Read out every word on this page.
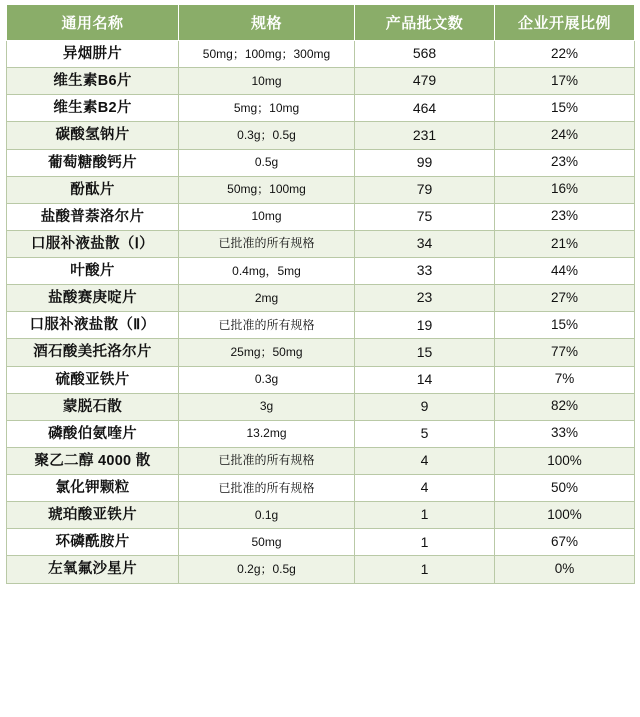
通用名称	规格	产品批文数	企业开展比例
异烟肼片	50mg；100mg；300mg	568	22%
维生素B6片	10mg	479	17%
维生素B2片	5mg；10mg	464	15%
碳酸氢钠片	0.3g；0.5g	231	24%
葡萄糖酸钙片	0.5g	99	23%
酚酞片	50mg；100mg	79	16%
盐酸普萘洛尔片	10mg	75	23%
口服补液盐散（Ⅰ）	已批准的所有规格	34	21%
叶酸片	0.4mg，5mg	33	44%
盐酸赛庚啶片	2mg	23	27%
口服补液盐散（Ⅱ）	已批准的所有规格	19	15%
酒石酸美托洛尔片	25mg；50mg	15	77%
硫酸亚铁片	0.3g	14	7%
蒙脱石散	3g	9	82%
磷酸伯氨喹片	13.2mg	5	33%
聚乙二醇 4000 散	已批准的所有规格	4	100%
氯化钾颗粒	已批准的所有规格	4	50%
琥珀酸亚铁片	0.1g	1	100%
环磷酰胺片	50mg	1	67%
左氧氟沙星片	0.2g；0.5g	1	0%
